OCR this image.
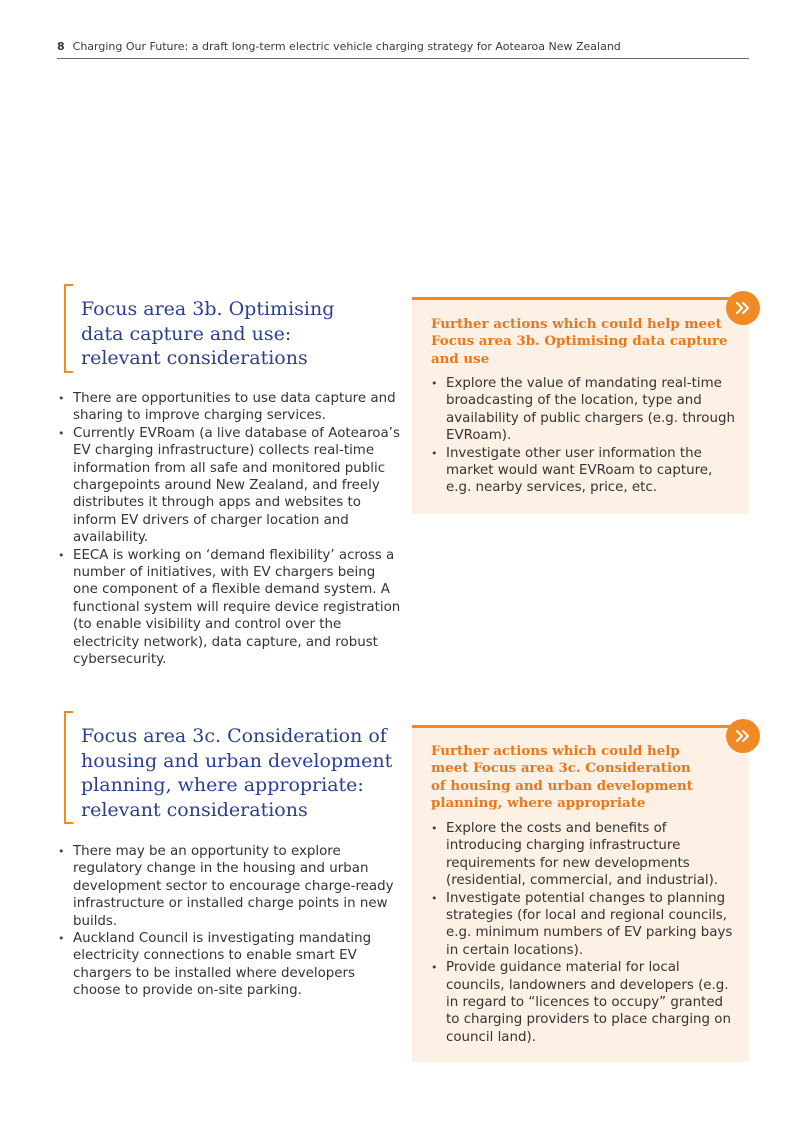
8 Charging Our Future: a draft long-term electric vehicle charging strategy for Aotearoa New Zealand
Focus area 3b. Optimising
data capture and use:
relevant considerations
• There are opportunities to use data capture and sharing to improve charging services.
• Currently EVRoam (a live database of Aotearoa’s EV charging infrastructure) collects real-time information from all safe and monitored public chargepoints around New Zealand, and freely distributes it through apps and websites to inform EV drivers of charger location and availability.
• EECA is working on ‘demand flexibility’ across a number of initiatives, with EV chargers being one component of a flexible demand system. A functional system will require device registration (to enable visibility and control over the electricity network), data capture, and robust cybersecurity.
Further actions which could help meet Focus area 3b. Optimising data capture and use
• Explore the value of mandating real-time broadcasting of the location, type and availability of public chargers (e.g. through EVRoam).
• Investigate other user information the market would want EVRoam to capture, e.g. nearby services, price, etc.
Focus area 3c. Consideration of
housing and urban development
planning, where appropriate:
relevant considerations
• There may be an opportunity to explore regulatory change in the housing and urban development sector to encourage charge-ready infrastructure or installed charge points in new builds.
• Auckland Council is investigating mandating electricity connections to enable smart EV chargers to be installed where developers choose to provide on-site parking.
Further actions which could help meet Focus area 3c. Consideration of housing and urban development planning, where appropriate
• Explore the costs and benefits of introducing charging infrastructure requirements for new developments (residential, commercial, and industrial).
• Investigate potential changes to planning strategies (for local and regional councils, e.g. minimum numbers of EV parking bays in certain locations).
• Provide guidance material for local councils, landowners and developers (e.g. in regard to “licences to occupy” granted to charging providers to place charging on council land).
